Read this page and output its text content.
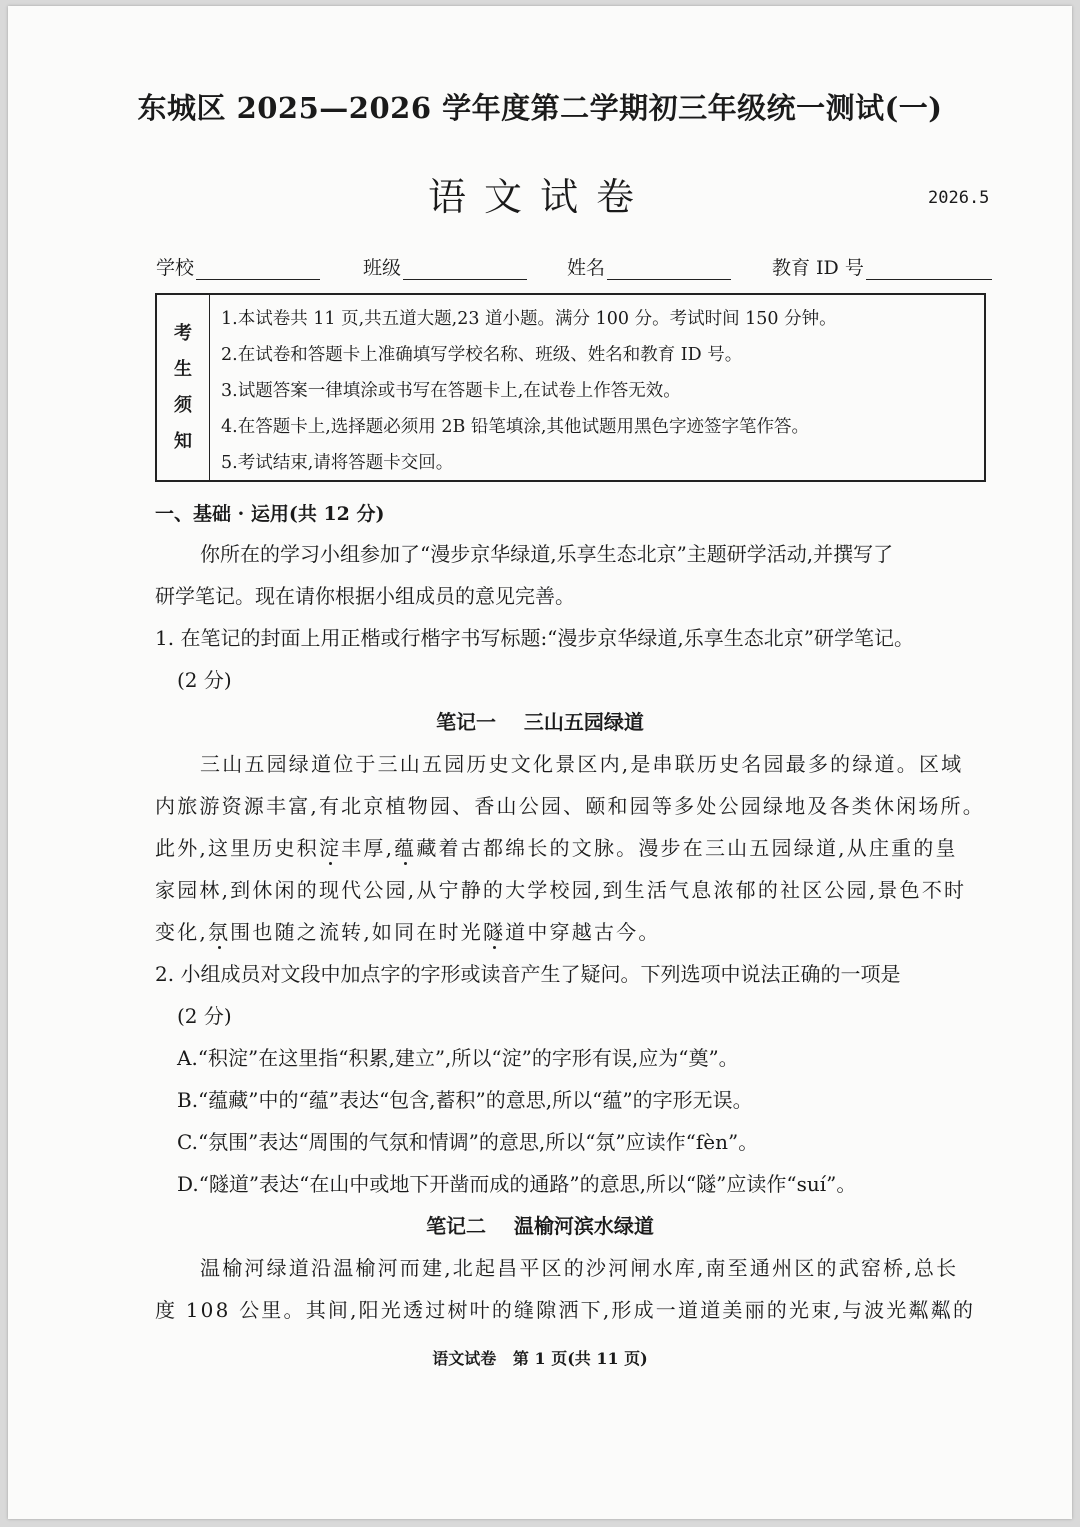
东城区 2025—2026 学年度第二学期初三年级统一测试(一)
语文试卷	2026.5
学校	班级	姓名	教育 ID 号
考
生
须
知
1.本试卷共 11 页,共五道大题,23 道小题。满分 100 分。考试时间 150 分钟。
2.在试卷和答题卡上准确填写学校名称、班级、姓名和教育 ID 号。
3.试题答案一律填涂或书写在答题卡上,在试卷上作答无效。
4.在答题卡上,选择题必须用 2B 铅笔填涂,其他试题用黑色字迹签字笔作答。
5.考试结束,请将答题卡交回。
一、基础 · 运用(共 12 分)
你所在的学习小组参加了“漫步京华绿道,乐享生态北京”主题研学活动,并撰写了
研学笔记。现在请你根据小组成员的意见完善。
1. 在笔记的封面上用正楷或行楷字书写标题:“漫步京华绿道,乐享生态北京”研学笔记。
(2 分)
笔记一    三山五园绿道
三山五园绿道位于三山五园历史文化景区内,是串联历史名园最多的绿道。区域
内旅游资源丰富,有北京植物园、香山公园、颐和园等多处公园绿地及各类休闲场所。
此外,这里历史积淀丰厚,蕴藏着古都绵长的文脉。漫步在三山五园绿道,从庄重的皇
家园林,到休闲的现代公园,从宁静的大学校园,到生活气息浓郁的社区公园,景色不时
变化,氛围也随之流转,如同在时光隧道中穿越古今。
2. 小组成员对文段中加点字的字形或读音产生了疑问。下列选项中说法正确的一项是
(2 分)
A.“积淀”在这里指“积累,建立”,所以“淀”的字形有误,应为“奠”。
B.“蕴藏”中的“蕴”表达“包含,蓄积”的意思,所以“蕴”的字形无误。
C.“氛围”表达“周围的气氛和情调”的意思,所以“氛”应读作“fèn”。
D.“隧道”表达“在山中或地下开凿而成的通路”的意思,所以“隧”应读作“suí”。
笔记二    温榆河滨水绿道
温榆河绿道沿温榆河而建,北起昌平区的沙河闸水库,南至通州区的武窑桥,总长
度 108 公里。其间,阳光透过树叶的缝隙洒下,形成一道道美丽的光束,与波光粼粼的
语文试卷   第 1 页(共 11 页)
